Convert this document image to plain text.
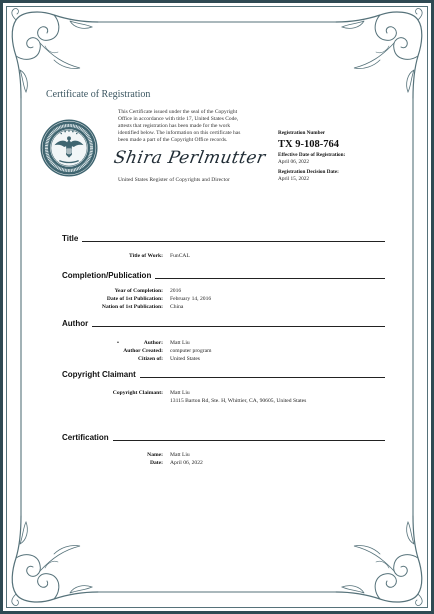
Certificate of Registration
This Certificate issued under the seal of the Copyright
Office in accordance with title 17, United States Code,
attests that registration has been made for the work
identified below. The information on this certificate has
been made a part of the Copyright Office records.
Shira Perlmutter
United States Register of Copyrights and Director
Registration Number
TX 9-108-764
Effective Date of Registration:
April 06, 2022
Registration Decision Date:
April 15, 2022
Title
Title of Work: FunCAL
Completion/Publication
Year of Completion: 2016
Date of 1st Publication: February 14, 2016
Nation of 1st Publication: China
Author
•	Author: Matt Liu
Author Created: computer program
Citizen of: United States
Copyright Claimant
Copyright Claimant: Matt Liu
13115 Barton Rd, Ste. H, Whittier, CA, 90605, United States
Certification
Name: Matt Liu
Date: April 06, 2022
